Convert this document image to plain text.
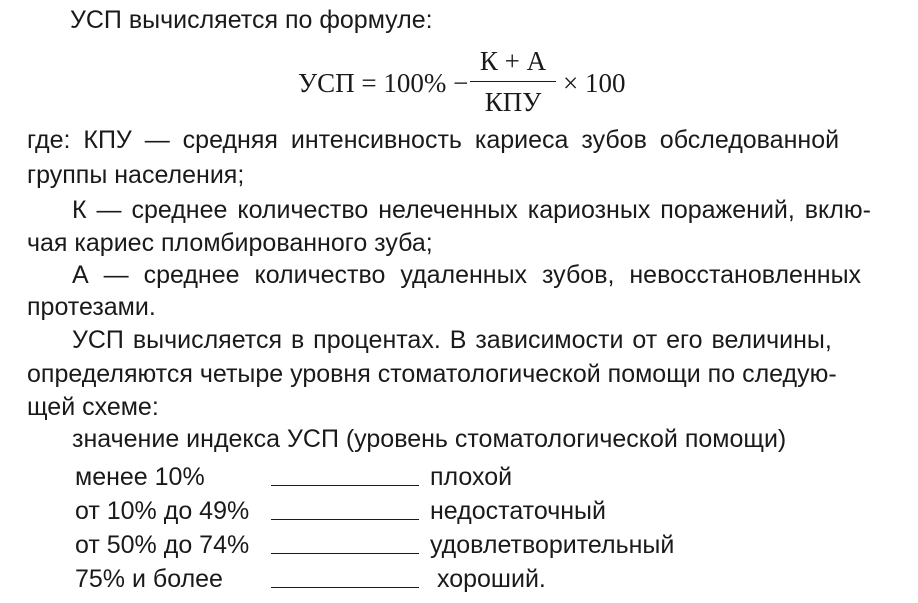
УСП вычисляется по формуле:
УСП = 100% −
К + А
КПУ
× 100
где: КПУ — средняя интенсивность кариеса зубов обследованной
группы населения;
К — среднее количество нелеченных кариозных поражений, вклю-
чая кариес пломбированного зуба;
А — среднее количество удаленных зубов, невосстановленных
протезами.
УСП вычисляется в процентах. В зависимости от его величины,
определяются четыре уровня стоматологической помощи по следую-
щей схеме:
значение индекса УСП (уровень стоматологической помощи)
менее 10%	плохой
от 10% до 49%	недостаточный
от 50% до 74%	удовлетворительный
75% и более	хороший.
